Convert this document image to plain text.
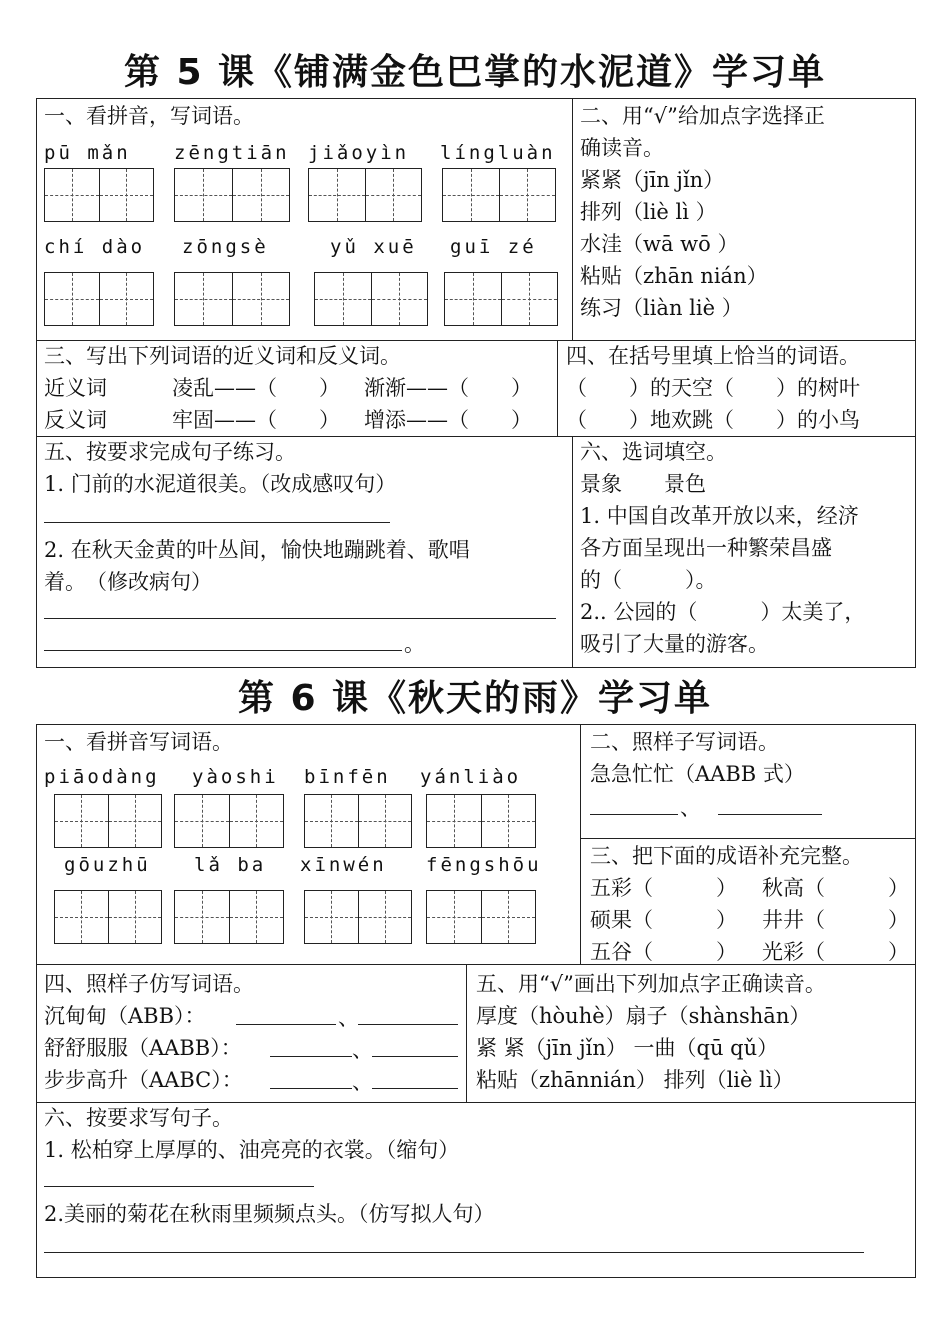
第 5 课《铺满金色巴掌的水泥道》学习单
一、看拼音，写词语。
pū mǎn zēngtiān jiǎoyìn língluàn
chí dào zōngsè	yǔ xuē guī zé
二、用“√”给加点字选择正
确读音。
紧紧（jīn jǐn）
排列（liè lì ）
水洼（wā wō ）
粘贴（zhān nián）
练习（liàn liè ）
三、写出下列词语的近义词和反义词。
近义词	凌乱——（　　） 渐渐——（　　）
反义词	牢固——（　　） 增添——（　　）
四、在括号里填上恰当的词语。
（　　）的天空（　　）的树叶
（　　）地欢跳（　　）的小鸟
五、按要求完成句子练习。
1. 门前的水泥道很美。（改成感叹句）
2. 在秋天金黄的叶丛间，愉快地蹦跳着、歌唱
着。　（修改病句）
。
六、选词填空。
景象　　景色
1. 中国自改革开放以来，经济
各方面呈现出一种繁荣昌盛
的（　　　）。
2.. 公园的（　　　）太美了，
吸引了大量的游客。
第 6 课《秋天的雨》学习单
一、看拼音写词语。
piāodàng yàoshi bīnfēn yánliào
gōuzhū lǎ ba xīnwén fēngshōu
二、照样子写词语。
急急忙忙（AABB 式）
、
三、把下面的成语补充完整。
五彩（　　　） 秋高（　　　）
硕果（　　　） 井井（　　　）
五谷（　　　） 光彩（　　　）
四、照样子仿写词语。
沉甸甸（ABB）：	、
舒舒服服（AABB）：	、
步步高升（AABC）：	、
五、用“√”画出下列加点字正确读音。
厚度（hòuhè）扇子（shànshān）
紧 紧（jīn jǐn） 一曲（qū qǔ）
粘贴（zhānnián） 排列（liè lì）
六、按要求写句子。
1. 松柏穿上厚厚的、油亮亮的衣裳。（缩句）
2.美丽的菊花在秋雨里频频点头。（仿写拟人句）
